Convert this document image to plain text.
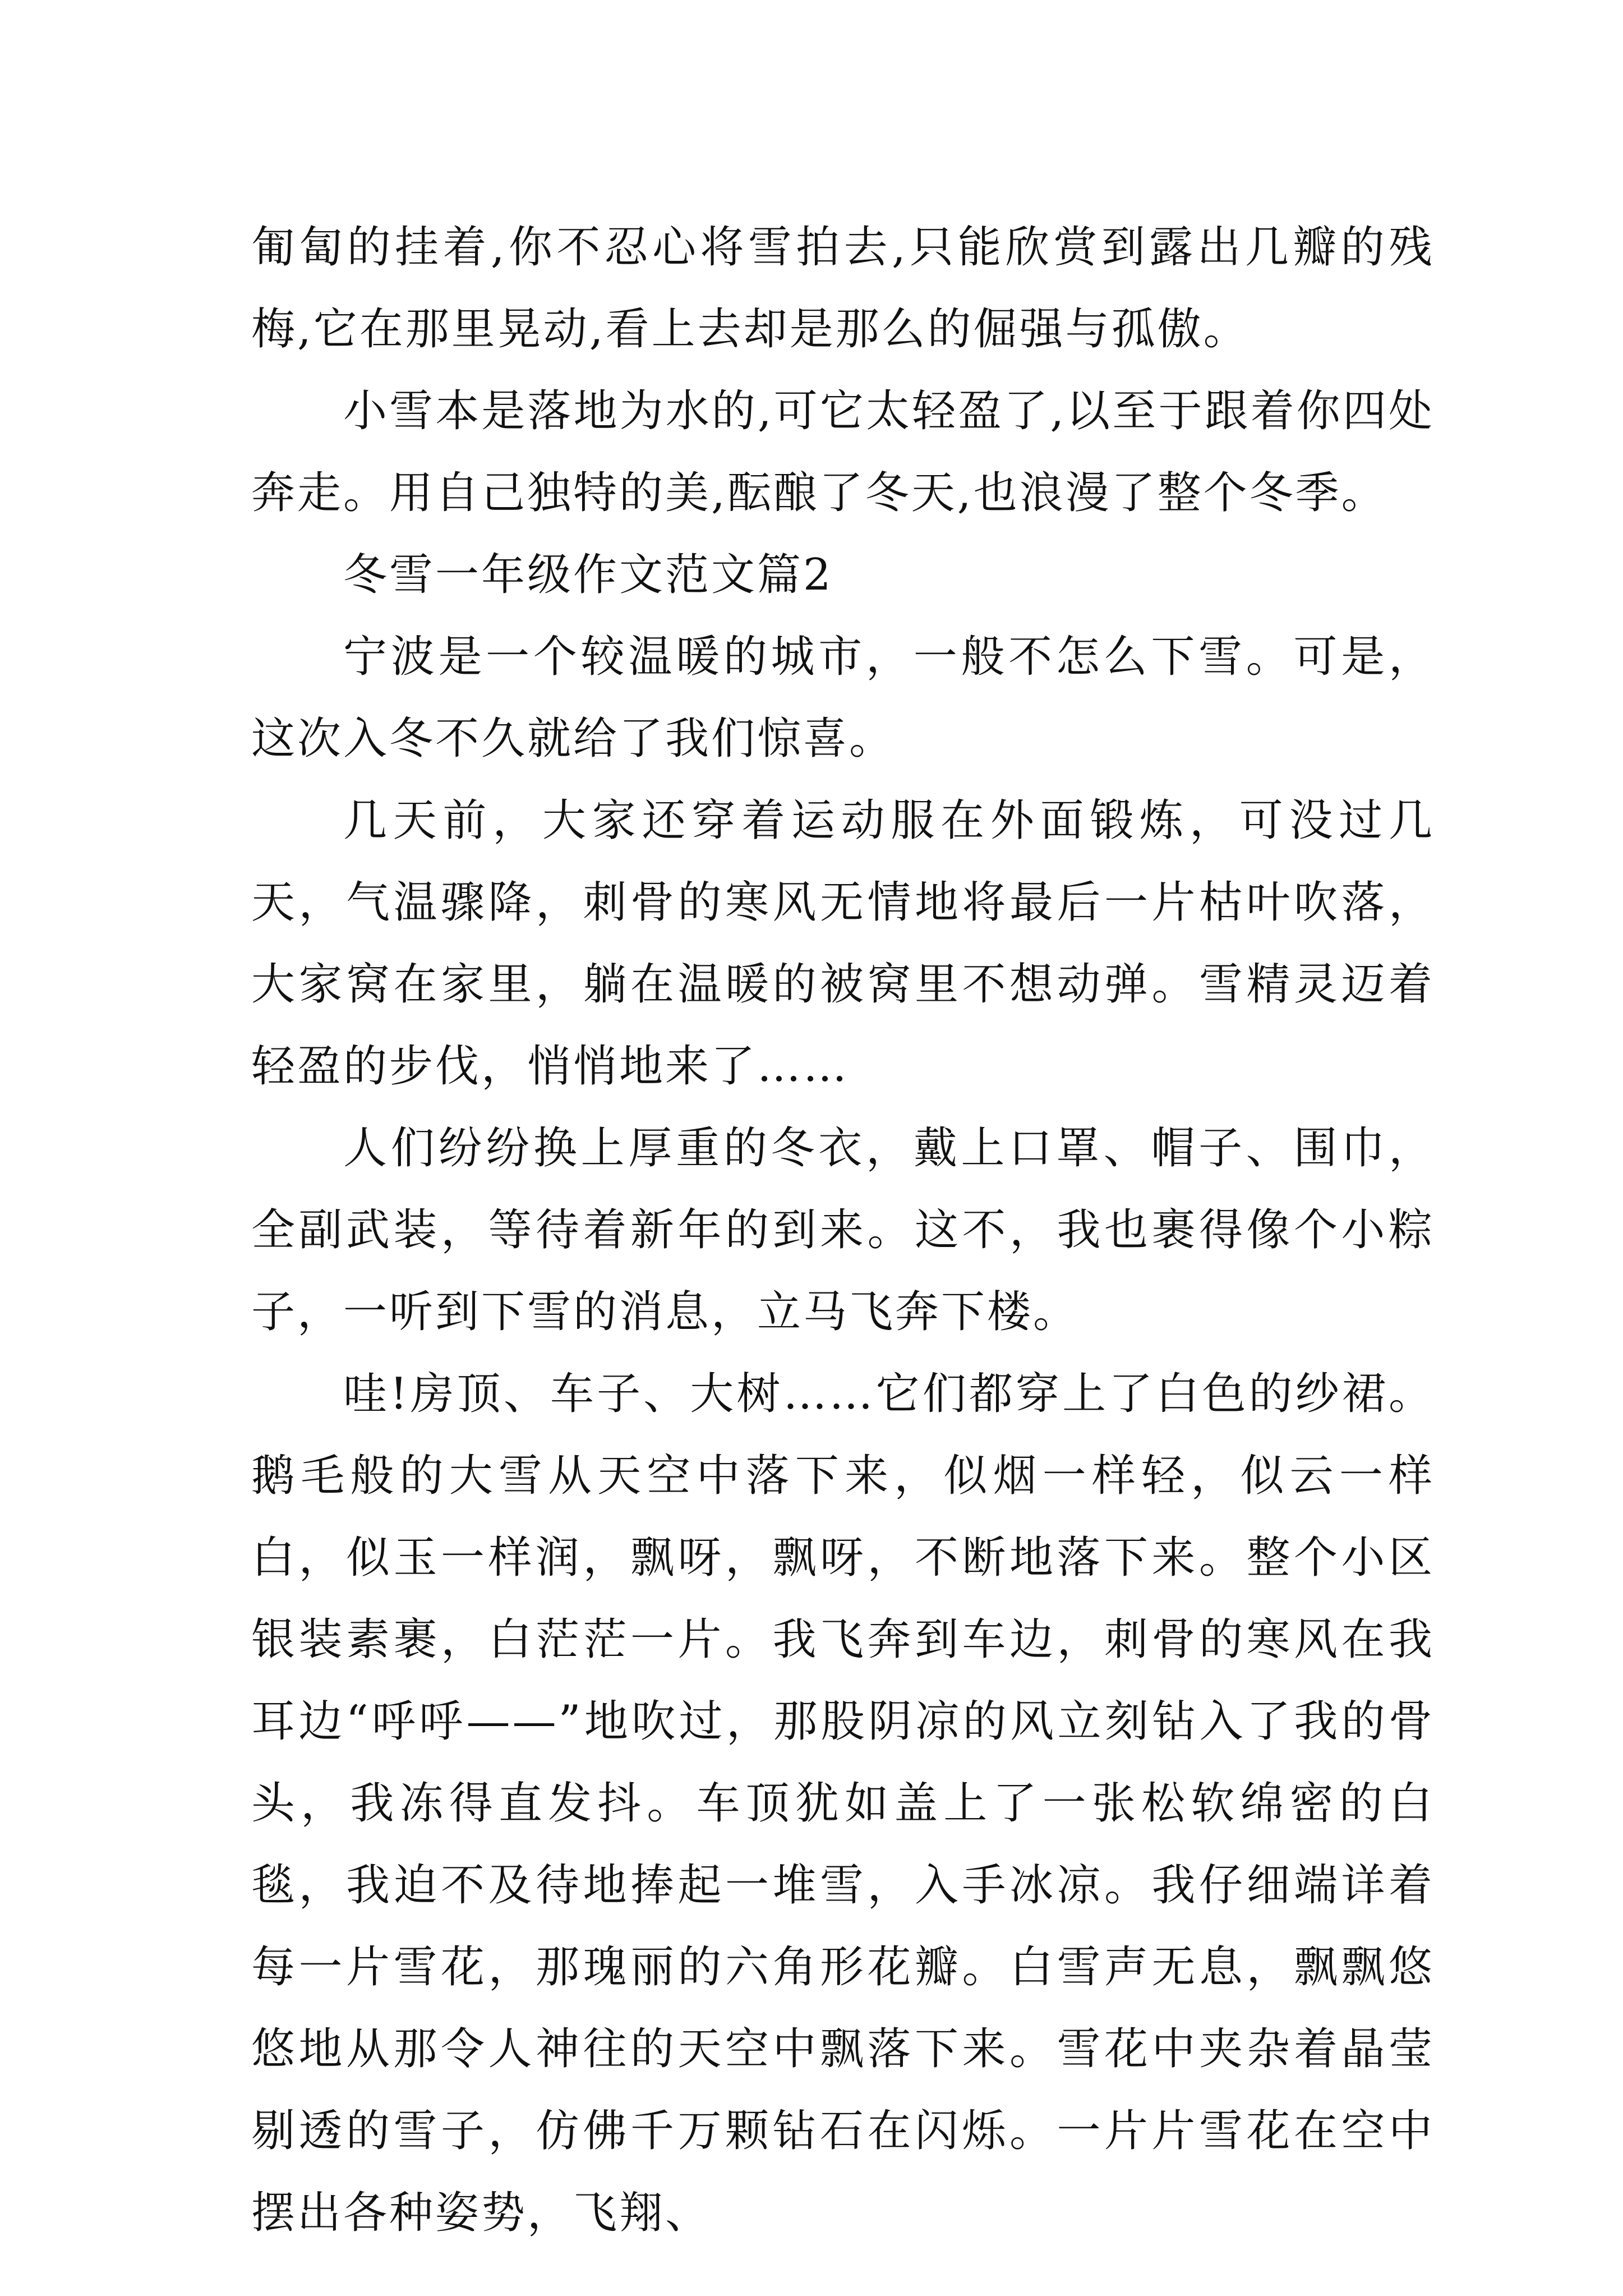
匍匐的挂着,你不忍心将雪拍去,只能欣赏到露出几瓣的残梅,它在那里晃动,看上去却是那么的倔强与孤傲。

小雪本是落地为水的,可它太轻盈了,以至于跟着你四处奔走。用自己独特的美,酝酿了冬天,也浪漫了整个冬季。

冬雪一年级作文范文篇2

宁波是一个较温暖的城市，一般不怎么下雪。可是，这次入冬不久就给了我们惊喜。

几天前，大家还穿着运动服在外面锻炼，可没过几天，气温骤降，刺骨的寒风无情地将最后一片枯叶吹落，大家窝在家里，躺在温暖的被窝里不想动弹。雪精灵迈着轻盈的步伐，悄悄地来了……

人们纷纷换上厚重的冬衣，戴上口罩、帽子、围巾，全副武装，等待着新年的到来。这不，我也裹得像个小粽子，一听到下雪的消息，立马飞奔下楼。

哇!房顶、车子、大树……它们都穿上了白色的纱裙。鹅毛般的大雪从天空中落下来，似烟一样轻，似云一样白，似玉一样润，飘呀，飘呀，不断地落下来。整个小区银装素裹，白茫茫一片。我飞奔到车边，刺骨的寒风在我耳边“呼呼——”地吹过，那股阴凉的风立刻钻入了我的骨头，我冻得直发抖。车顶犹如盖上了一张松软绵密的白毯，我迫不及待地捧起一堆雪，入手冰凉。我仔细端详着每一片雪花，那瑰丽的六角形花瓣。白雪声无息，飘飘悠悠地从那令人神往的天空中飘落下来。雪花中夹杂着晶莹剔透的雪子，仿佛千万颗钻石在闪烁。一片片雪花在空中摆出各种姿势，飞翔、
